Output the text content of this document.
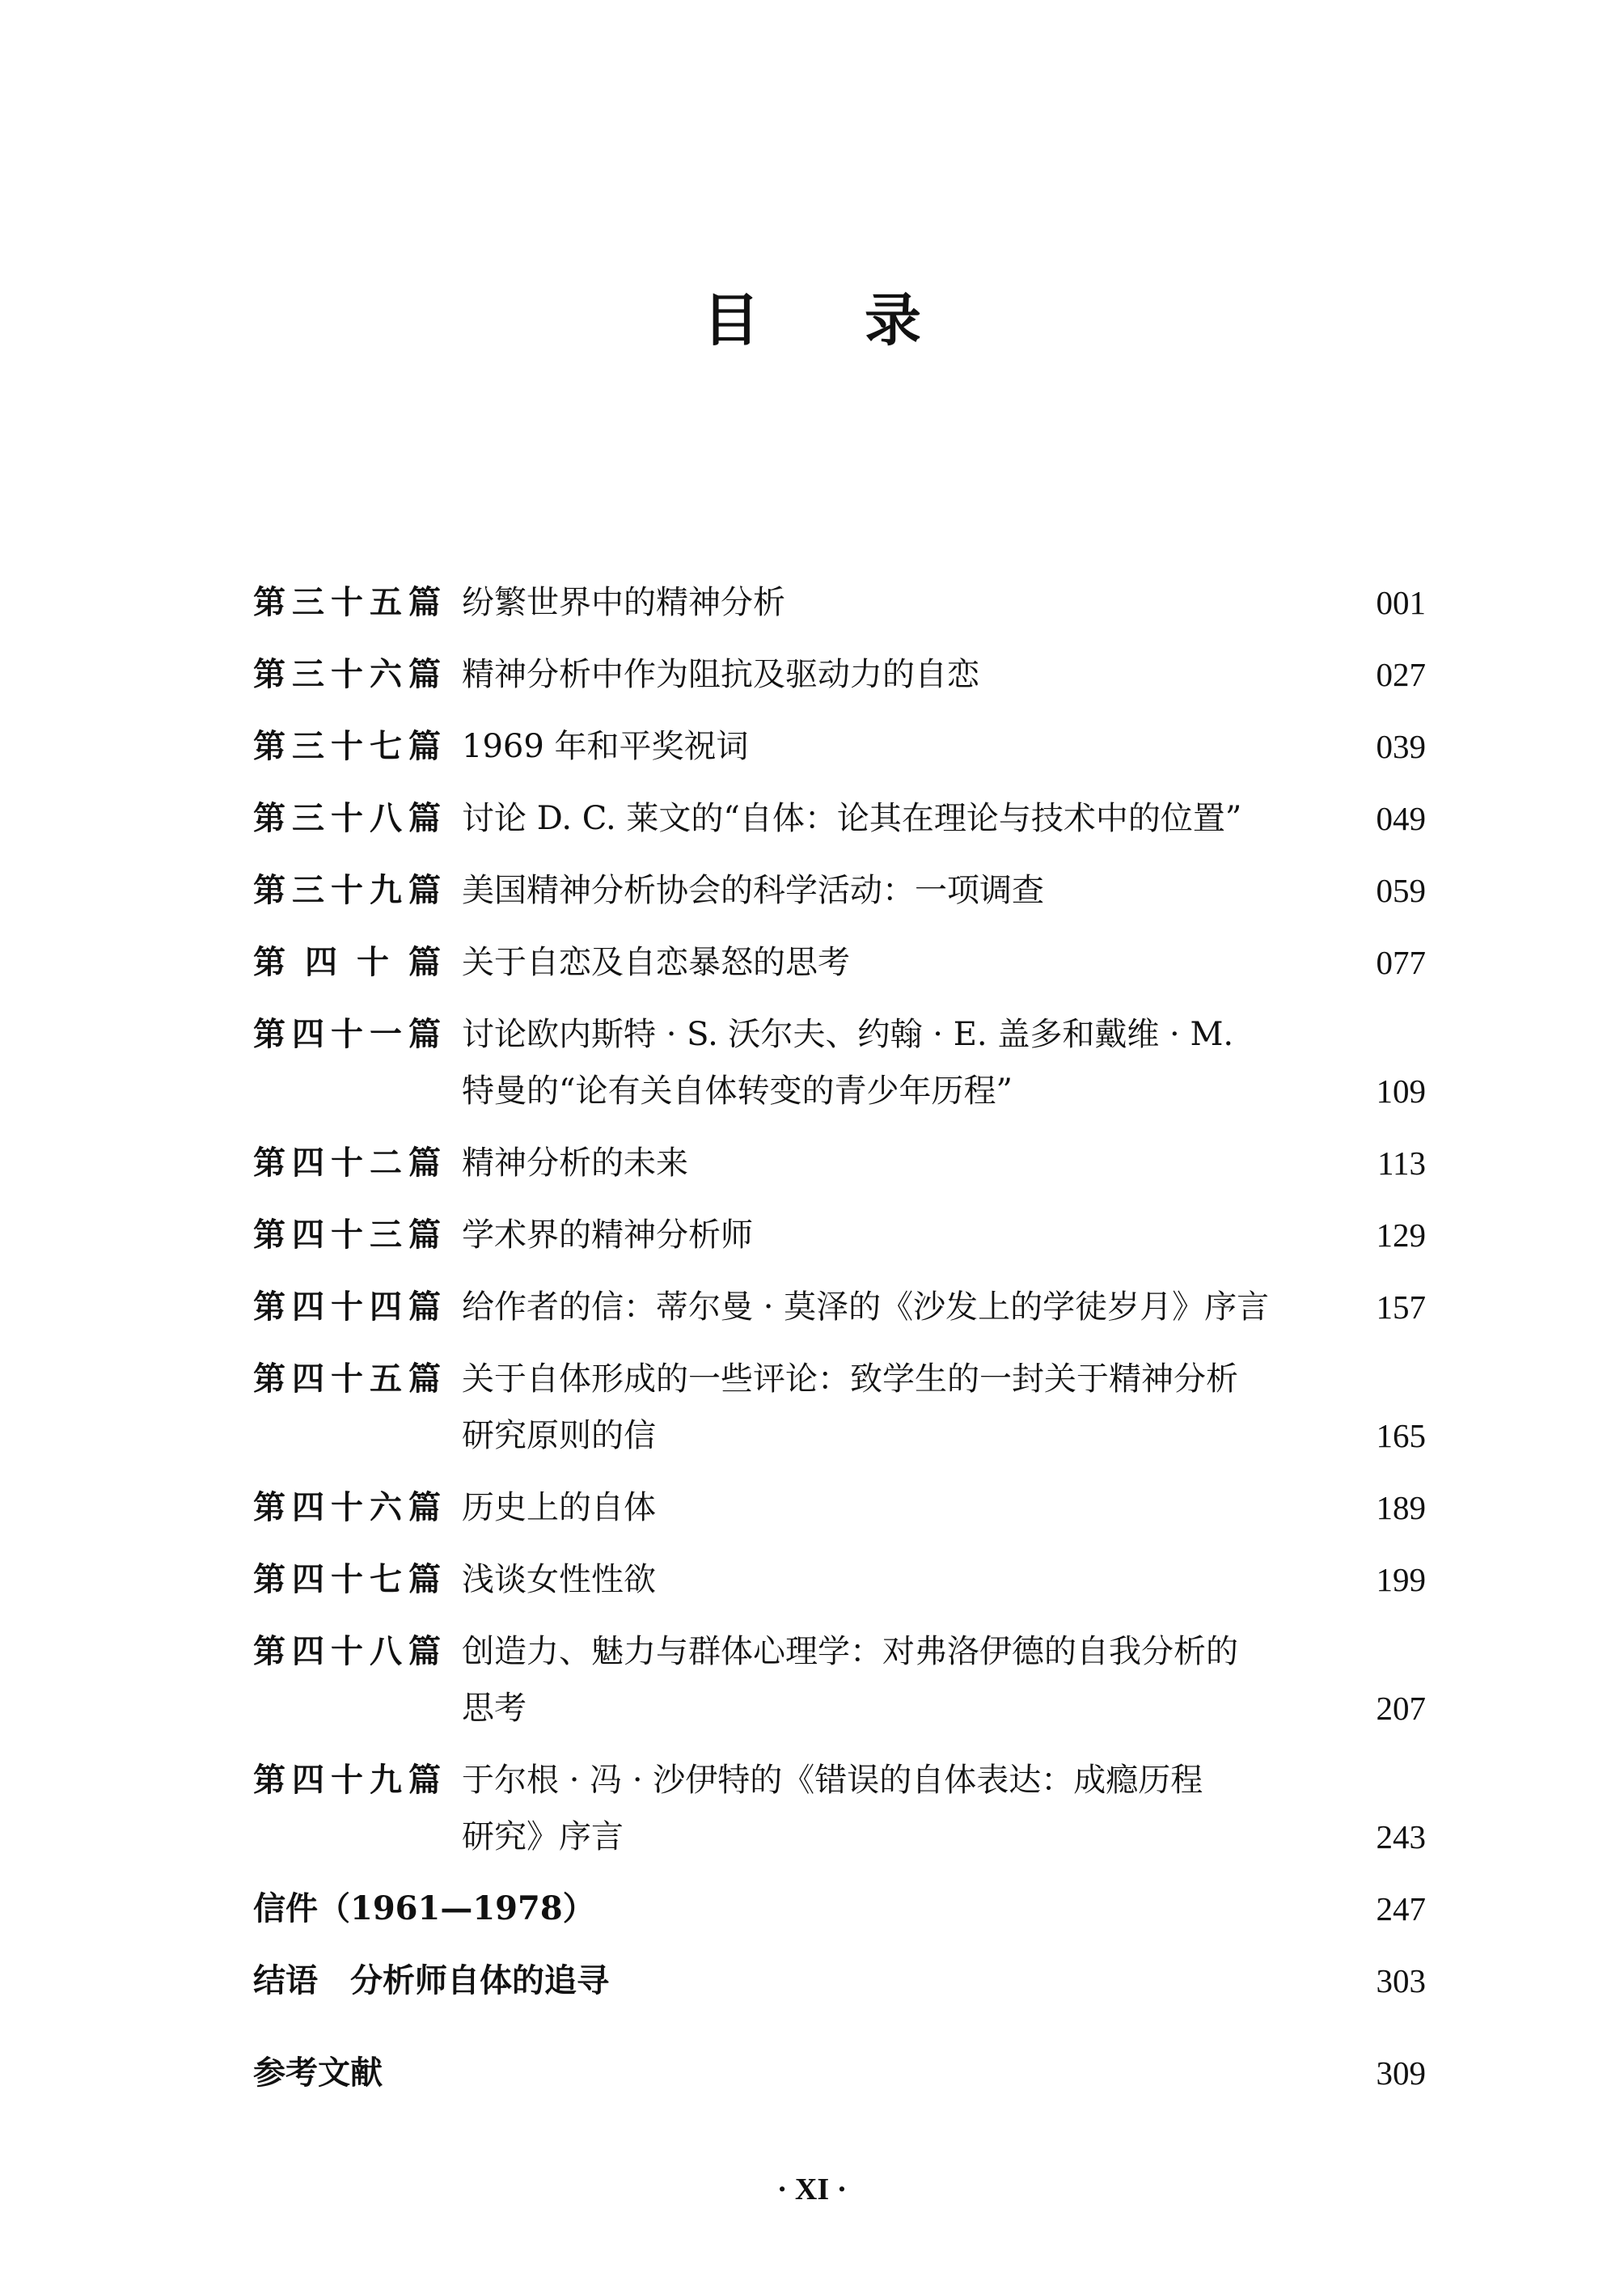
目 录
第三十五篇 纷繁世界中的精神分析	001
第三十六篇 精神分析中作为阻抗及驱动力的自恋	027
第三十七篇 1969 年和平奖祝词	039
第三十八篇 讨论 D. C. 莱文的“自体：论其在理论与技术中的位置”	049
第三十九篇 美国精神分析协会的科学活动：一项调查	059
第 四 十 篇 关于自恋及自恋暴怒的思考	077
第四十一篇 讨论欧内斯特 · S. 沃尔夫、约翰 · E. 盖多和戴维 · M.
特曼的“论有关自体转变的青少年历程”	109
第四十二篇 精神分析的未来	113
第四十三篇 学术界的精神分析师	129
第四十四篇 给作者的信：蒂尔曼 · 莫泽的《沙发上的学徒岁月》序言	157
第四十五篇 关于自体形成的一些评论：致学生的一封关于精神分析
研究原则的信	165
第四十六篇 历史上的自体	189
第四十七篇 浅谈女性性欲	199
第四十八篇 创造力、魅力与群体心理学：对弗洛伊德的自我分析的
思考	207
第四十九篇 于尔根 · 冯 · 沙伊特的《错误的自体表达：成瘾历程
研究》序言	243
信件（1961—1978）	247
结语　分析师自体的追寻	303
参考文献	309
· XI ·
